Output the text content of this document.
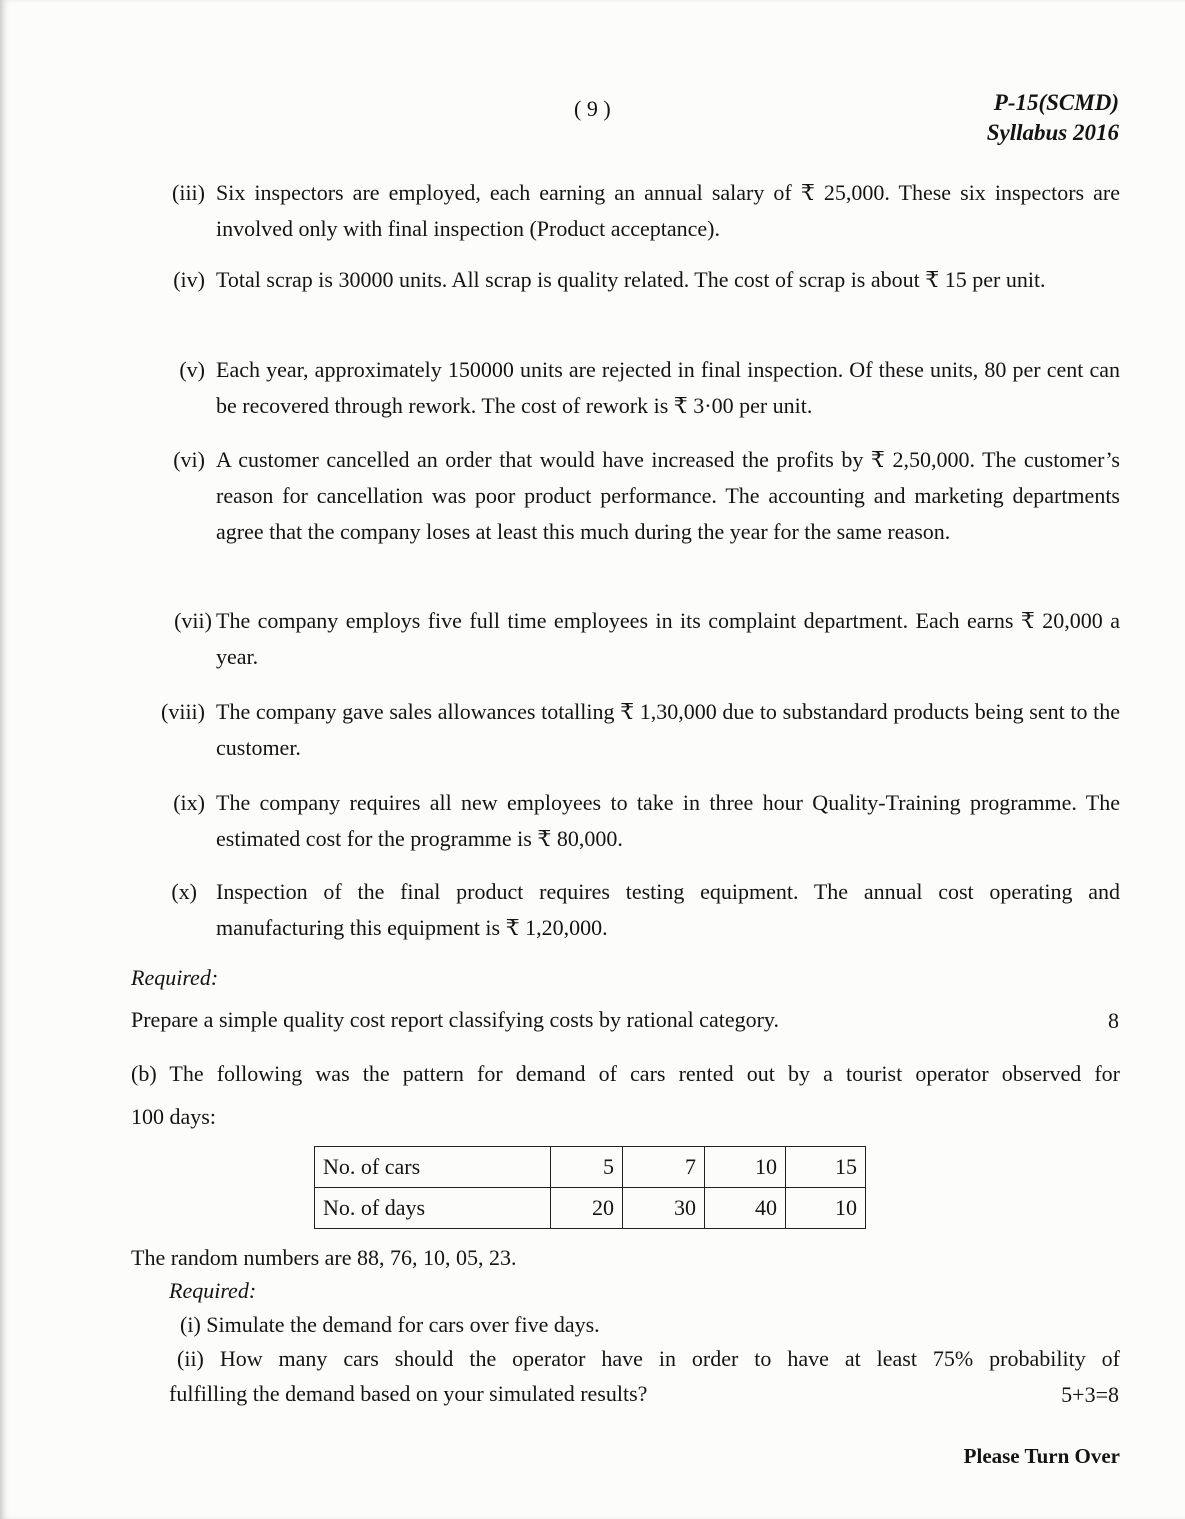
( 9 )	P-15(SCMD)
Syllabus 2016
(iii) Six inspectors are employed, each earning an annual salary of ₹ 25,000. These six inspectors are involved only with final inspection (Product acceptance).
(iv) Total scrap is 30000 units. All scrap is quality related. The cost of scrap is about ₹ 15 per unit.
(v) Each year, approximately 150000 units are rejected in final inspection. Of these units, 80 per cent can be recovered through rework. The cost of rework is ₹ 3·00 per unit.
(vi) A customer cancelled an order that would have increased the profits by ₹ 2,50,000. The customer’s reason for cancellation was poor product performance. The accounting and marketing departments agree that the company loses at least this much during the year for the same reason.
(vii) The company employs five full time employees in its complaint department. Each earns ₹ 20,000 a year.
(viii) The company gave sales allowances totalling ₹ 1,30,000 due to substandard products being sent to the customer.
(ix) The company requires all new employees to take in three hour Quality-Training programme. The estimated cost for the programme is ₹ 80,000.
(x) Inspection of the final product requires testing equipment. The annual cost operating and manufacturing this equipment is ₹ 1,20,000.
Required:
Prepare a simple quality cost report classifying costs by rational category.	8
(b) The following was the pattern for demand of cars rented out by a tourist operator observed for
100 days:
No. of cars	5	7	10	15
No. of days	20	30	40	10
The random numbers are 88, 76, 10, 05, 23.
Required:
(i) Simulate the demand for cars over five days.
(ii) How many cars should the operator have in order to have at least 75% probability of
fulfilling the demand based on your simulated results?	5+3=8
Please Turn Over
